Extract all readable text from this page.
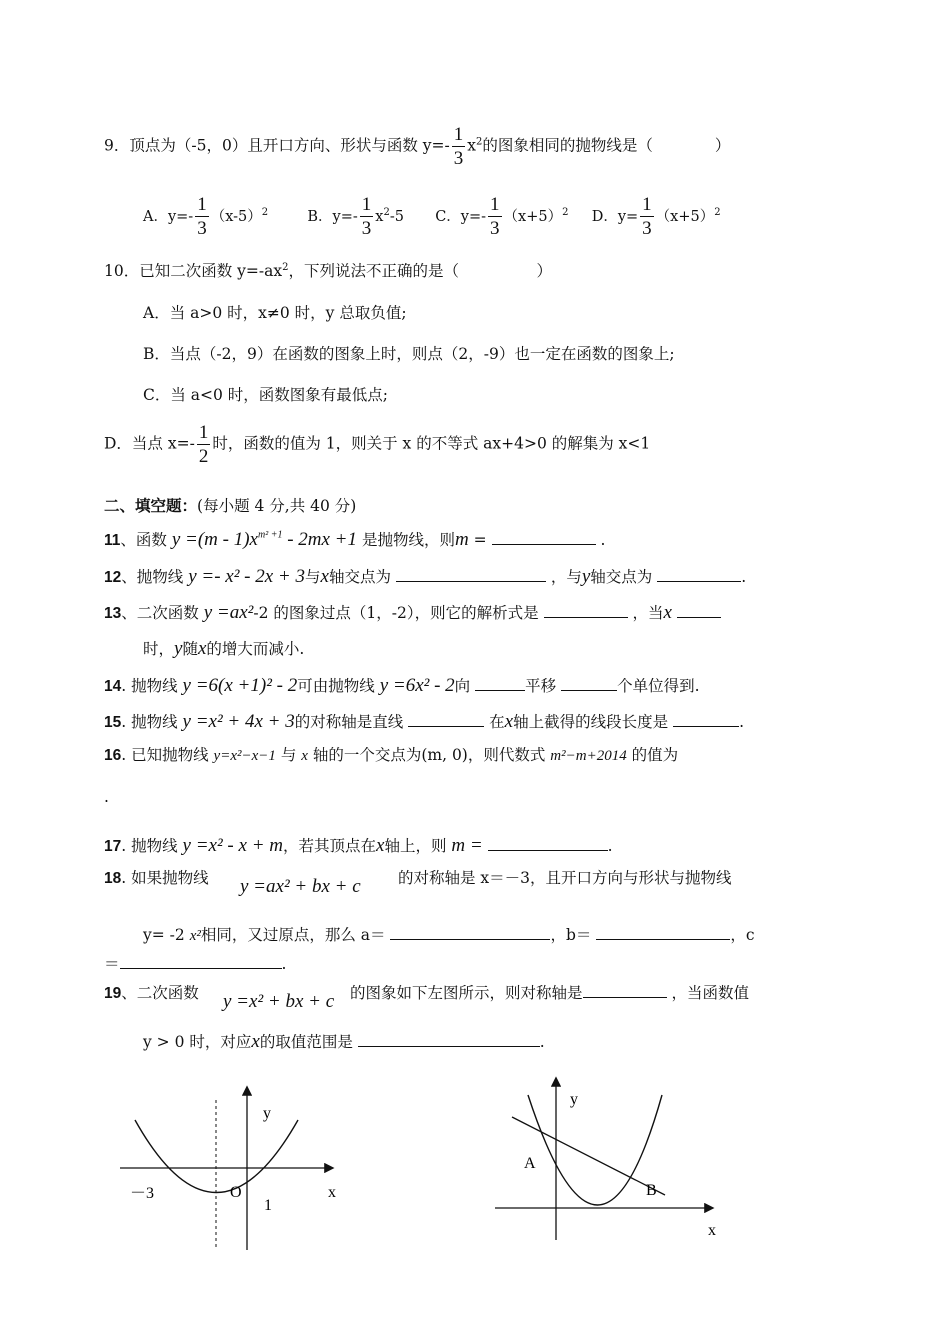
9．顶点为（-5，0）且开口方向、形状与函数 $y=- \frac{1}{3} x^2$的图象相同的抛物线是（　　　　）
A．$y=- \frac{1}{3} (x-5)^2$	B．$y=- \frac{1}{3} x^2-5$ C．$y=- \frac{1}{3} (x+5)^2$ D．$y= \frac{1}{3} (x+5)^2$
10．已知二次函数 $y=-ax^2$，下列说法不正确的是（　　　　　）
A．当 a>0 时，x≠0 时，y 总取负值;
B．当点（-2，9）在函数的图象上时，则点（2，-9）也一定在函数的图象上;
C．当 a<0 时，函数图象有最低点;
D．当点 $x=- \frac{1}{2}$ 时，函数的值为 1，则关于 x 的不等式 ax+4>0 的解集为 x<1
二、填空题：(每小题 4 分,共 40 分)
11、函数 $y =(m - 1)x^{m^2 +1} - 2mx +1$ 是抛物线，则m =	.
12、抛物线 y =- x² - 2x + 3与x轴交点为	，与y轴交点为	.
13、二次函数 y =ax²-2 的图象过点（1，-2），则它的解析式是	，当x
时，y随x的增大而减小.
14. 抛物线 y =6(x +1)² - 2可由抛物线 y =6x² - 2向	平移	个单位得到.
15. 抛物线 y =x² + 4x + 3的对称轴是直线	在x轴上截得的线段长度是	.
16. 已知抛物线 y=x²−x−1 与 x 轴的一个交点为(m, 0)，则代数式 m²−m+2014 的值为
.
17. 抛物线 y =x² - x + m，若其顶点在x轴上，则 m =	.
18. 如果抛物线 y =ax² + bx + c 的对称轴是 x＝－3，且开口方向与形状与抛物线
y= -2 x²相同，又过原点，那么 a＝	，b＝	，c
＝	.
19、二次函数 y =x² + bx + c 的图象如下左图所示，则对称轴是	，当函数值
y > 0 时，对应x的取值范围是	.
y
x
O
－3
1
y
x
A
B
